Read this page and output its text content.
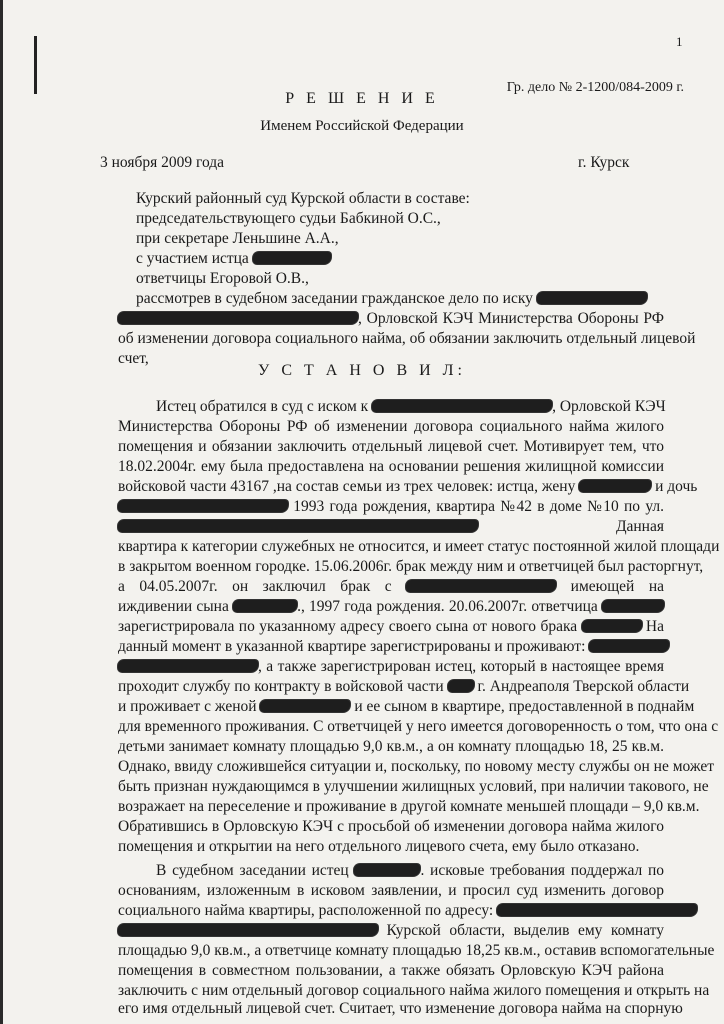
1
Гр. дело № 2-1200/084-2009 г.
Р Е Ш Е Н И Е
Именем Российской Федерации
3 ноября 2009 года	г. Курск
Курский районный суд Курской области в составе:
председательствующего судьи Бабкиной О.С.,
при секретаре Леньшине А.А.,
с участием истца
ответчицы Егоровой О.В.,
рассмотрев в судебном заседании гражданское дело по иску
, Орловской КЭЧ Министерства Обороны РФ
об изменении договора социального найма, об обязании заключить отдельный лицевой
счет,
У С Т А Н О В И Л:
Истец обратился в суд с иском к	, Орловской КЭЧ
Министерства Обороны РФ об изменении договора социального найма жилого
помещения и обязании заключить отдельный лицевой счет. Мотивирует тем, что
18.02.2004г. ему была предоставлена на основании решения жилищной комиссии
войсковой части 43167 ,на состав семьи из трех человек: истца, жену	и дочь
1993 года рождения, квартира №42 в доме №10 по ул.
Данная
квартира к категории служебных не относится, и имеет статус постоянной жилой площади
в закрытом военном городке. 15.06.2006г. брак между ним и ответчицей был расторгнут,
а 04.05.2007г. он заключил брак с	имеющей на
иждивении сына	., 1997 года рождения. 20.06.2007г. ответчица
зарегистрировала по указанному адресу своего сына от нового брака	На
данный момент в указанной квартире зарегистрированы и проживают:
, а также зарегистрирован истец, который в настоящее время
проходит службу по контракту в войсковой части г. Андреаполя Тверской области
и проживает с женой	и ее сыном в квартире, предоставленной в поднайм
для временного проживания. С ответчицей у него имеется договоренность о том, что она с
детьми занимает комнату площадью 9,0 кв.м., а он комнату площадью 18, 25 кв.м.
Однако, ввиду сложившейся ситуации и, поскольку, по новому месту службы он не может
быть признан нуждающимся в улучшении жилищных условий, при наличии такового, не
возражает на переселение и проживание в другой комнате меньшей площади – 9,0 кв.м.
Обратившись в Орловскую КЭЧ с просьбой об изменении договора найма жилого
помещения и открытии на него отдельного лицевого счета, ему было отказано.
В судебном заседании истец	. исковые требования поддержал по
основаниям, изложенным в исковом заявлении, и просил суд изменить договор
социального найма квартиры, расположенной по адресу:
Курской области, выделив ему комнату
площадью 9,0 кв.м., а ответчице комнату площадью 18,25 кв.м., оставив вспомогательные
помещения в совместном пользовании, а также обязать Орловскую КЭЧ района
заключить с ним отдельный договор социального найма жилого помещения и открыть на
его имя отдельный лицевой счет. Считает, что изменение договора найма на спорную
